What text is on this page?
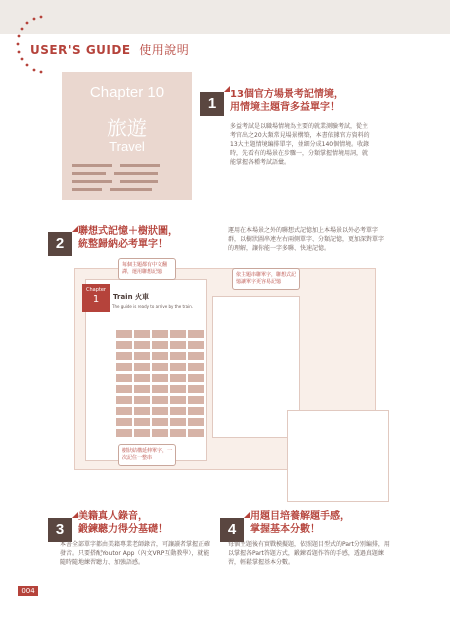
USER'S GUIDE 使用說明
Chapter 10
旅遊
Travel
1
13個官方場景考記情境，
用情境主題背多益單字！
多益考試是以職場情境為主要的就業測驗考試，從主考官出之20大類常見場景構築，本書依據官方資料的13大主題情境編排單字，並細分成140個情境。收錄時，先看有的場景在步驟一，分類掌握情境用詞，就能掌握各種考試語彙。
2
聯想式記憶＋樹狀圖，
統整歸納必考單字！
運用在本場景之外的聯想式記憶加上本場景以外必考單字群，以樹狀圖串連左右兩側單字、分類記憶，更加深對單字的理解，讓你能一字多聯、快速記憶。
Chapter
1	Train 火車
The guide is ready to arrive by the train.
每個主題都有中文翻譯，運用聯想記憶
樹狀結構延伸單字，一次記住一整串
依主題串聯單字，聯想式記憶讓單字更容易記憶
3
美籍真人錄音，
鍛鍊聽力得分基礎！
本書全部單字都由美籍專業老師錄音，可讓讀者掌握正確發音。只要搭配Youtor App（內文VRP互動教學），就能隨時隨地練習聽力、加強語感。
4
用題目培養解題手感，
掌握基本分數！
每個主題後有實戰模擬題，依照題目型式的Part分別編排，用以掌握各Part答題方式，鍛鍊看題作答的手感，透過真題練習，輕鬆掌握基本分數。
004
